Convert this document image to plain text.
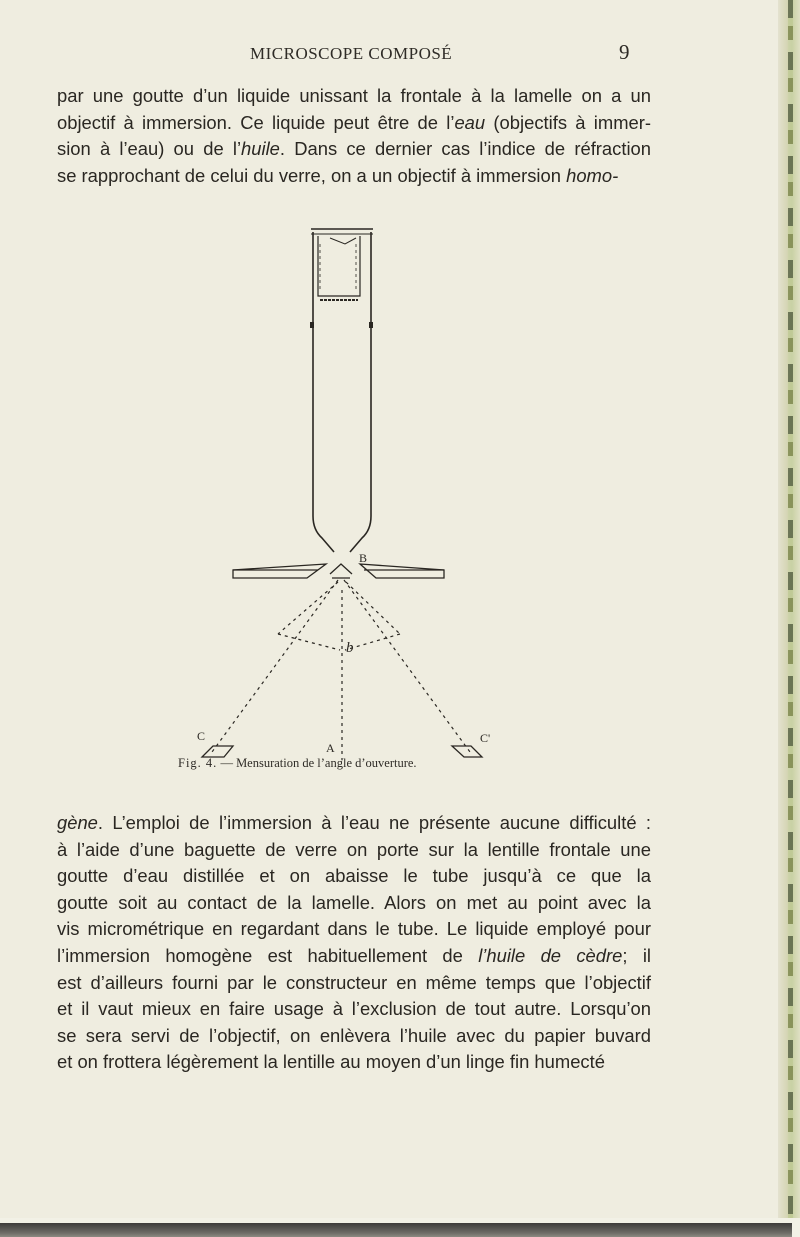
MICROSCOPE COMPOSÉ	9

par une goutte d’un liquide unissant la frontale à la lamelle on a un
objectif à immersion. Ce liquide peut être de l’eau (objectifs à immer-
sion à l’eau) ou de l’huile. Dans ce dernier cas l’indice de réfraction
se rapprochant de celui du verre, on a un objectif à immersion homo-

B
b
C	C'
A
Fig. 4. — Mensuration de l’angle d’ouverture.

gène. L’emploi de l’immersion à l’eau ne présente aucune difficulté :
à l’aide d’une baguette de verre on porte sur la lentille frontale une
goutte d’eau distillée et on abaisse le tube jusqu’à ce que la
goutte soit au contact de la lamelle. Alors on met au point avec la
vis micrométrique en regardant dans le tube. Le liquide employé pour
l’immersion homogène est habituellement de l’huile de cèdre; il
est d’ailleurs fourni par le constructeur en même temps que l’objectif
et il vaut mieux en faire usage à l’exclusion de tout autre. Lorsqu’on
se sera servi de l’objectif, on enlèvera l’huile avec du papier buvard
et on frottera légèrement la lentille au moyen d’un linge fin humecté
